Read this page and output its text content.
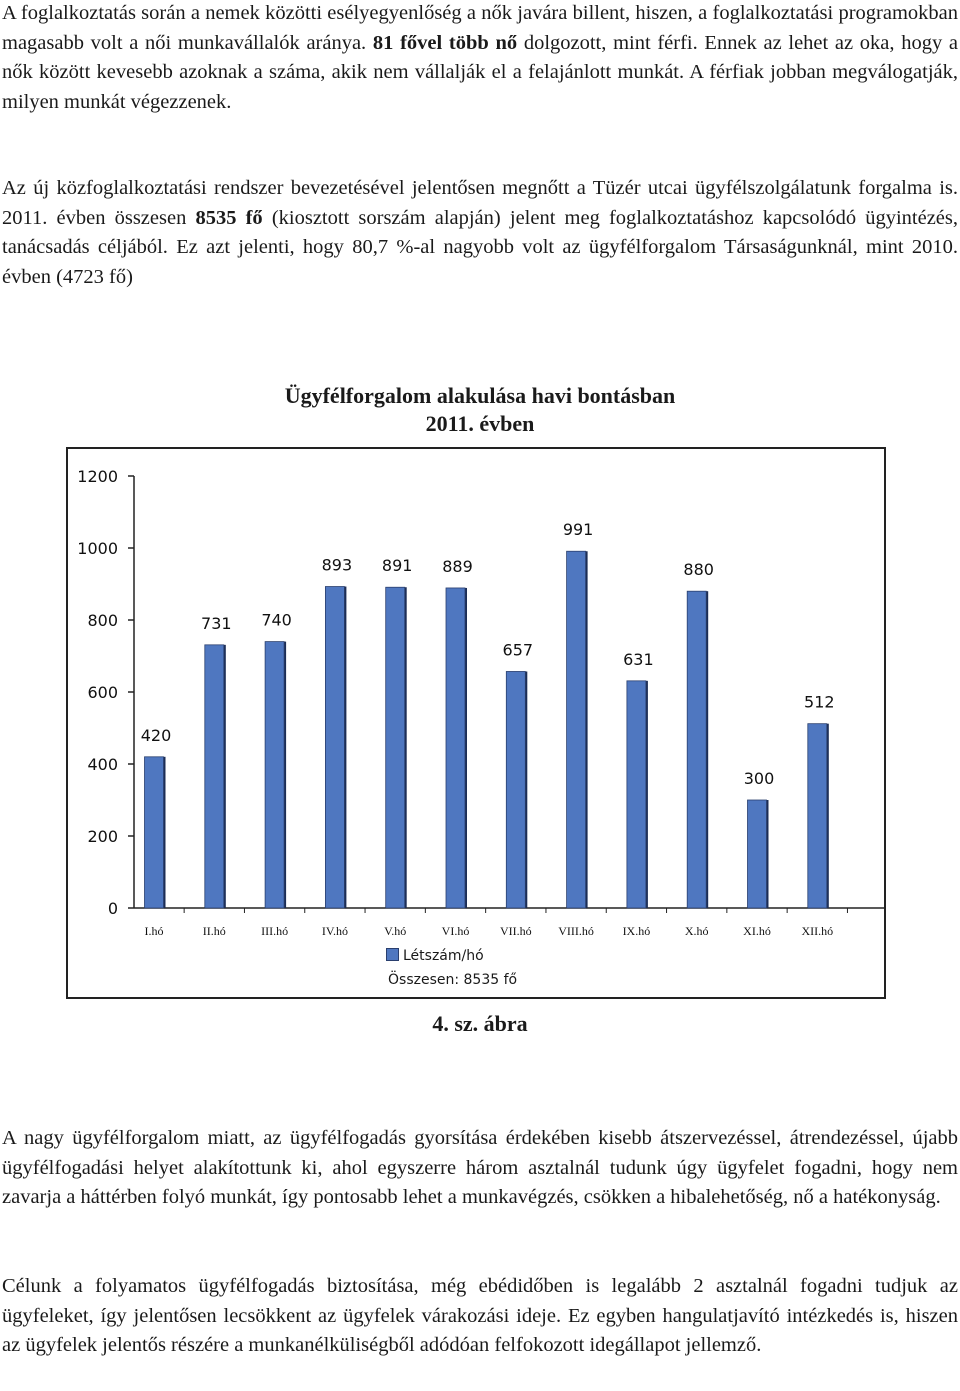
A foglalkoztatás során a nemek közötti esélyegyenlőség a nők javára billent, hiszen, a foglalkoztatási programokban magasabb volt a női munkavállalók aránya. 81 fővel több nő dolgozott, mint férfi. Ennek az lehet az oka, hogy a nők között kevesebb azoknak a száma, akik nem vállalják el a felajánlott munkát. A férfiak jobban megválogatják, milyen munkát végezzenek.

Az új közfoglalkoztatási rendszer bevezetésével jelentősen megnőtt a Tüzér utcai ügyfélszolgálatunk forgalma is. 2011. évben összesen 8535 fő (kiosztott sorszám alapján) jelent meg foglalkoztatáshoz kapcsolódó ügyintézés, tanácsadás céljából. Ez azt jelenti, hogy 80,7 %-al nagyobb volt az ügyfélforgalom Társaságunknál, mint 2010. évben (4723 fő)

Ügyfélforgalom alakulása havi bontásban
2011. évben
0
200
400
600
800
1000
1200
I.hó
420
II.hó
731
III.hó
740
IV.hó
893
V.hó
891
VI.hó
889
VII.hó
657
VIII.hó
991
IX.hó
631
X.hó
880
XI.hó
300
XII.hó
512
Létszám/hó
Összesen: 8535 fő
4. sz. ábra

A nagy ügyfélforgalom miatt, az ügyfélfogadás gyorsítása érdekében kisebb átszervezéssel, átrendezéssel, újabb ügyfélfogadási helyet alakítottunk ki, ahol egyszerre három asztalnál tudunk úgy ügyfelet fogadni, hogy nem zavarja a háttérben folyó munkát, így pontosabb lehet a munkavégzés, csökken a hibalehetőség, nő a hatékonyság.

Célunk a folyamatos ügyfélfogadás biztosítása, még ebédidőben is legalább 2 asztalnál fogadni tudjuk az ügyfeleket, így jelentősen lecsökkent az ügyfelek várakozási ideje. Ez egyben hangulatjavító intézkedés is, hiszen az ügyfelek jelentős részére a munkanélküliségből adódóan felfokozott idegállapot jellemző.
